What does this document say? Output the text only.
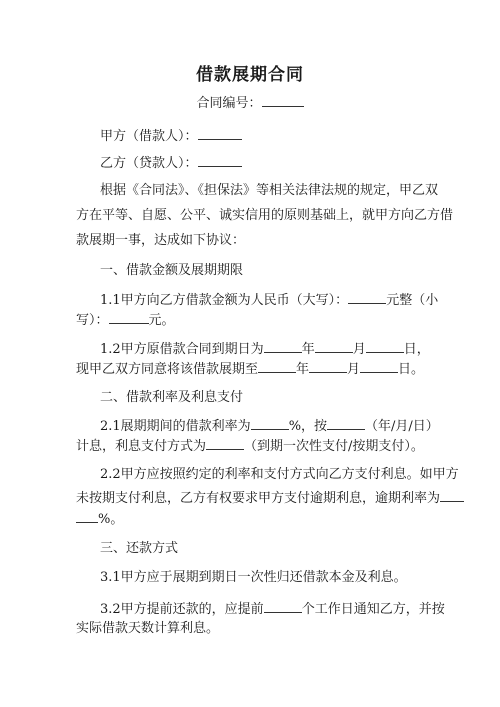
借款展期合同
合同编号：
甲方（借款人）：
乙方（贷款人）：
根据《合同法》、《担保法》等相关法律法规的规定，甲乙双
方在平等、自愿、公平、诚实信用的原则基础上，就甲方向乙方借
款展期一事，达成如下协议：
一、借款金额及展期期限
1.1甲方向乙方借款金额为人民币（大写）：	元整（小
写）：	元。
1.2甲方原借款合同到期日为	年	月	日，
现甲乙双方同意将该借款展期至	年	月	日。
二、借款利率及利息支付
2.1展期期间的借款利率为	%，按	（年/月/日）
计息，利息支付方式为	（到期一次性支付/按期支付）。
2.2甲方应按照约定的利率和支付方式向乙方支付利息。如甲方
未按期支付利息，乙方有权要求甲方支付逾期利息，逾期利率为
%。
三、还款方式
3.1甲方应于展期到期日一次性归还借款本金及利息。
3.2甲方提前还款的，应提前	个工作日通知乙方，并按
实际借款天数计算利息。
